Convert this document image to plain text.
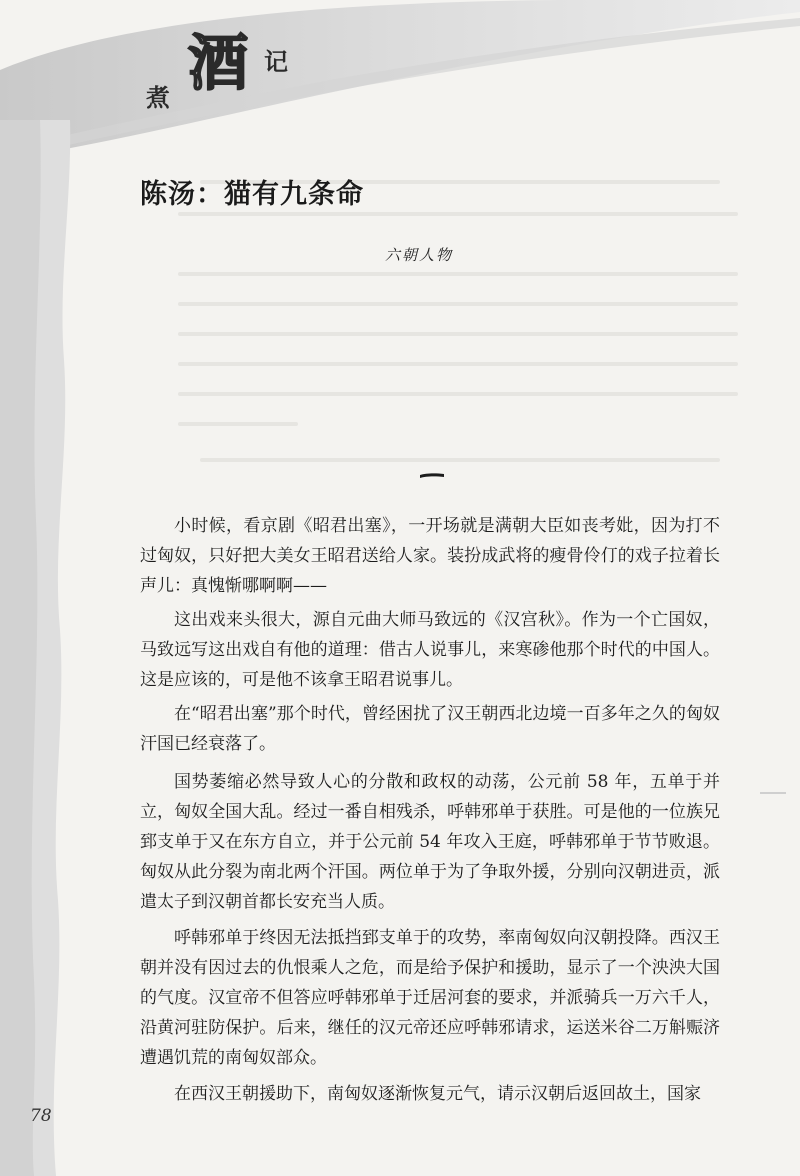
煮 酒 记
陈汤：猫有九条命

六朝人物

小时候，看京剧《昭君出塞》，一开场就是满朝大臣如丧考妣，因为打不过匈奴，只好把大美女王昭君送给人家。装扮成武将的瘦骨伶仃的戏子拉着长声儿：真愧惭哪啊啊——

这出戏来头很大，源自元曲大师马致远的《汉宫秋》。作为一个亡国奴，马致远写这出戏自有他的道理：借古人说事儿，来寒碜他那个时代的中国人。这是应该的，可是他不该拿王昭君说事儿。

在“昭君出塞”那个时代，曾经困扰了汉王朝西北边境一百多年之久的匈奴汗国已经衰落了。

国势萎缩必然导致人心的分散和政权的动荡，公元前 58 年，五单于并立，匈奴全国大乱。经过一番自相残杀，呼韩邪单于获胜。可是他的一位族兄郅支单于又在东方自立，并于公元前 54 年攻入王庭，呼韩邪单于节节败退。匈奴从此分裂为南北两个汗国。两位单于为了争取外援，分别向汉朝进贡，派遣太子到汉朝首都长安充当人质。

呼韩邪单于终因无法抵挡郅支单于的攻势，率南匈奴向汉朝投降。西汉王朝并没有因过去的仇恨乘人之危，而是给予保护和援助，显示了一个泱泱大国的气度。汉宣帝不但答应呼韩邪单于迁居河套的要求，并派骑兵一万六千人，沿黄河驻防保护。后来，继任的汉元帝还应呼韩邪请求，运送米谷二万斛赈济遭遇饥荒的南匈奴部众。

在西汉王朝援助下，南匈奴逐渐恢复元气，请示汉朝后返回故土，国家

78
